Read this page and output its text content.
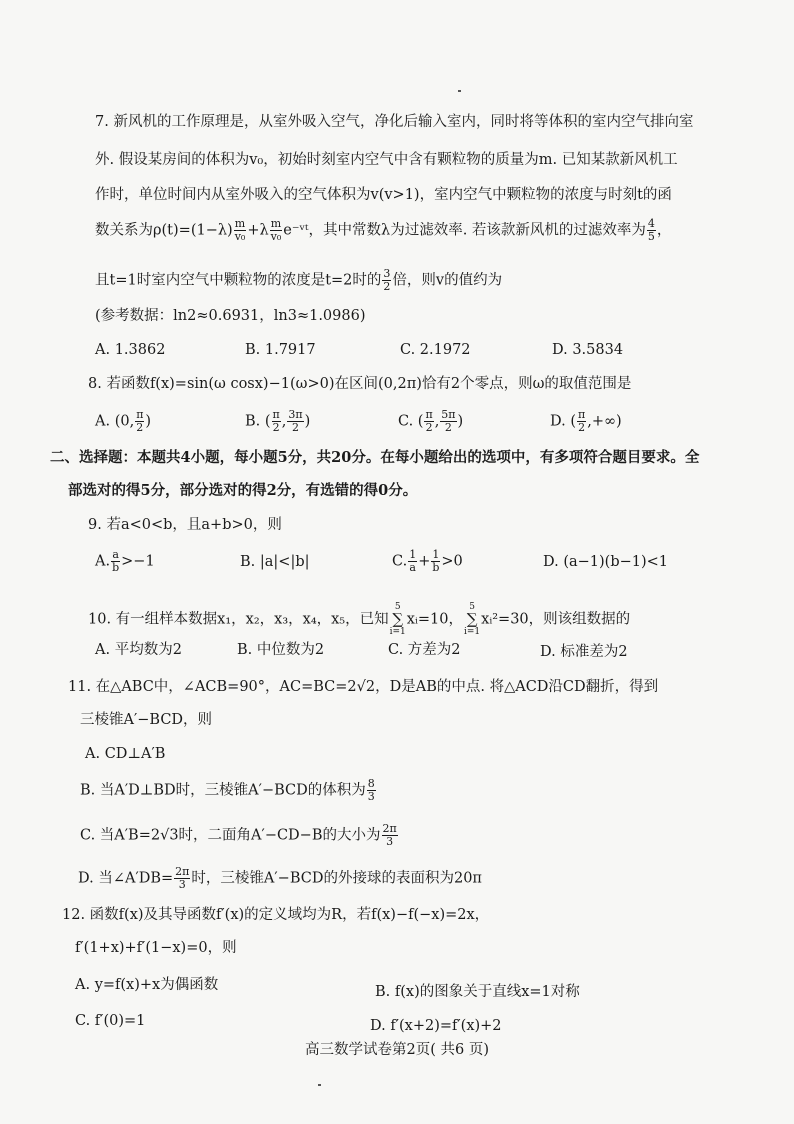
7. 新风机的工作原理是，从室外吸入空气，净化后输入室内，同时将等体积的室内空气排向室
外. 假设某房间的体积为v₀，初始时刻室内空气中含有颗粒物的质量为m. 已知某款新风机工
作时，单位时间内从室外吸入的空气体积为v(v>1)，室内空气中颗粒物的浓度与时刻t的函
数关系为$\rho(t)=(1-\lambda) \frac{m}{\text{v₀}} +\lambda \frac{m}{\text{v₀}}$ e⁻ᵛᵗ，其中常数λ为过滤效率. 若该款新风机的过滤效率为 $\frac{4}{5}$ ，
且t=1时室内空气中颗粒物的浓度是t=2时的 $\frac{3}{2}$ 倍，则v的值约为
(参考数据：ln2≈0.6931，ln3≈1.0986)
A. 1.3862	B. 1.7917	C. 2.1972	D. 3.5834
8. 若函数f(x)=sin(ω cosx)−1(ω>0)在区间(0,2π)恰有2个零点，则ω的取值范围是
A. (0, $\frac{\pi}{2}$ )	B. ( $\frac{\pi}{2}$ , $\frac{3\pi}{2}$ )	C. ( $\frac{\pi}{2}$ , $\frac{5\pi}{2}$ )	D. ( $\frac{\pi}{2}$ ,+∞)
二、选择题：本题共4小题，每小题5分，共20分。在每小题给出的选项中，有多项符合题目要求。全
部选对的得5分，部分选对的得2分，有选错的得0分。
9. 若a<0<b，且a+b>0，则
A. $\frac{a}{b} >-1$	B. |a|<|b|	C. $\frac{1}{a} + \frac{1}{b} >0$	D. (a−1)(b−1)<1
10. 有一组样本数据x₁，x₂，x₃，x₄，x₅，已知
5
∑
i=1
xᵢ=10，
5
∑
i=1
xᵢ²=30，则该组数据的
A. 平均数为2	B. 中位数为2	C. 方差为2	D. 标准差为2
11. 在△ABC中，∠ACB=90°，AC=BC=2√2，D是AB的中点. 将△ACD沿CD翻折，得到
三棱锥A′−BCD，则
A. CD⊥A′B
B. 当A′D⊥BD时，三棱锥A′−BCD的体积为 $\frac{8}{3}$
C. 当A′B=2√3时，二面角A′−CD−B的大小为 $\frac{2\pi}{3}$
D. 当∠A′DB= $\frac{2\pi}{3}$ 时，三棱锥A′−BCD的外接球的表面积为20π
12. 函数f(x)及其导函数f′(x)的定义域均为R，若f(x)−f(−x)=2x，
f′(1+x)+f′(1−x)=0，则
A. y=f(x)+x为偶函数	B. f(x)的图象关于直线x=1对称
C. f′(0)=1	D. f′(x+2)=f′(x)+2
高三数学试卷第2页( 共6 页)
